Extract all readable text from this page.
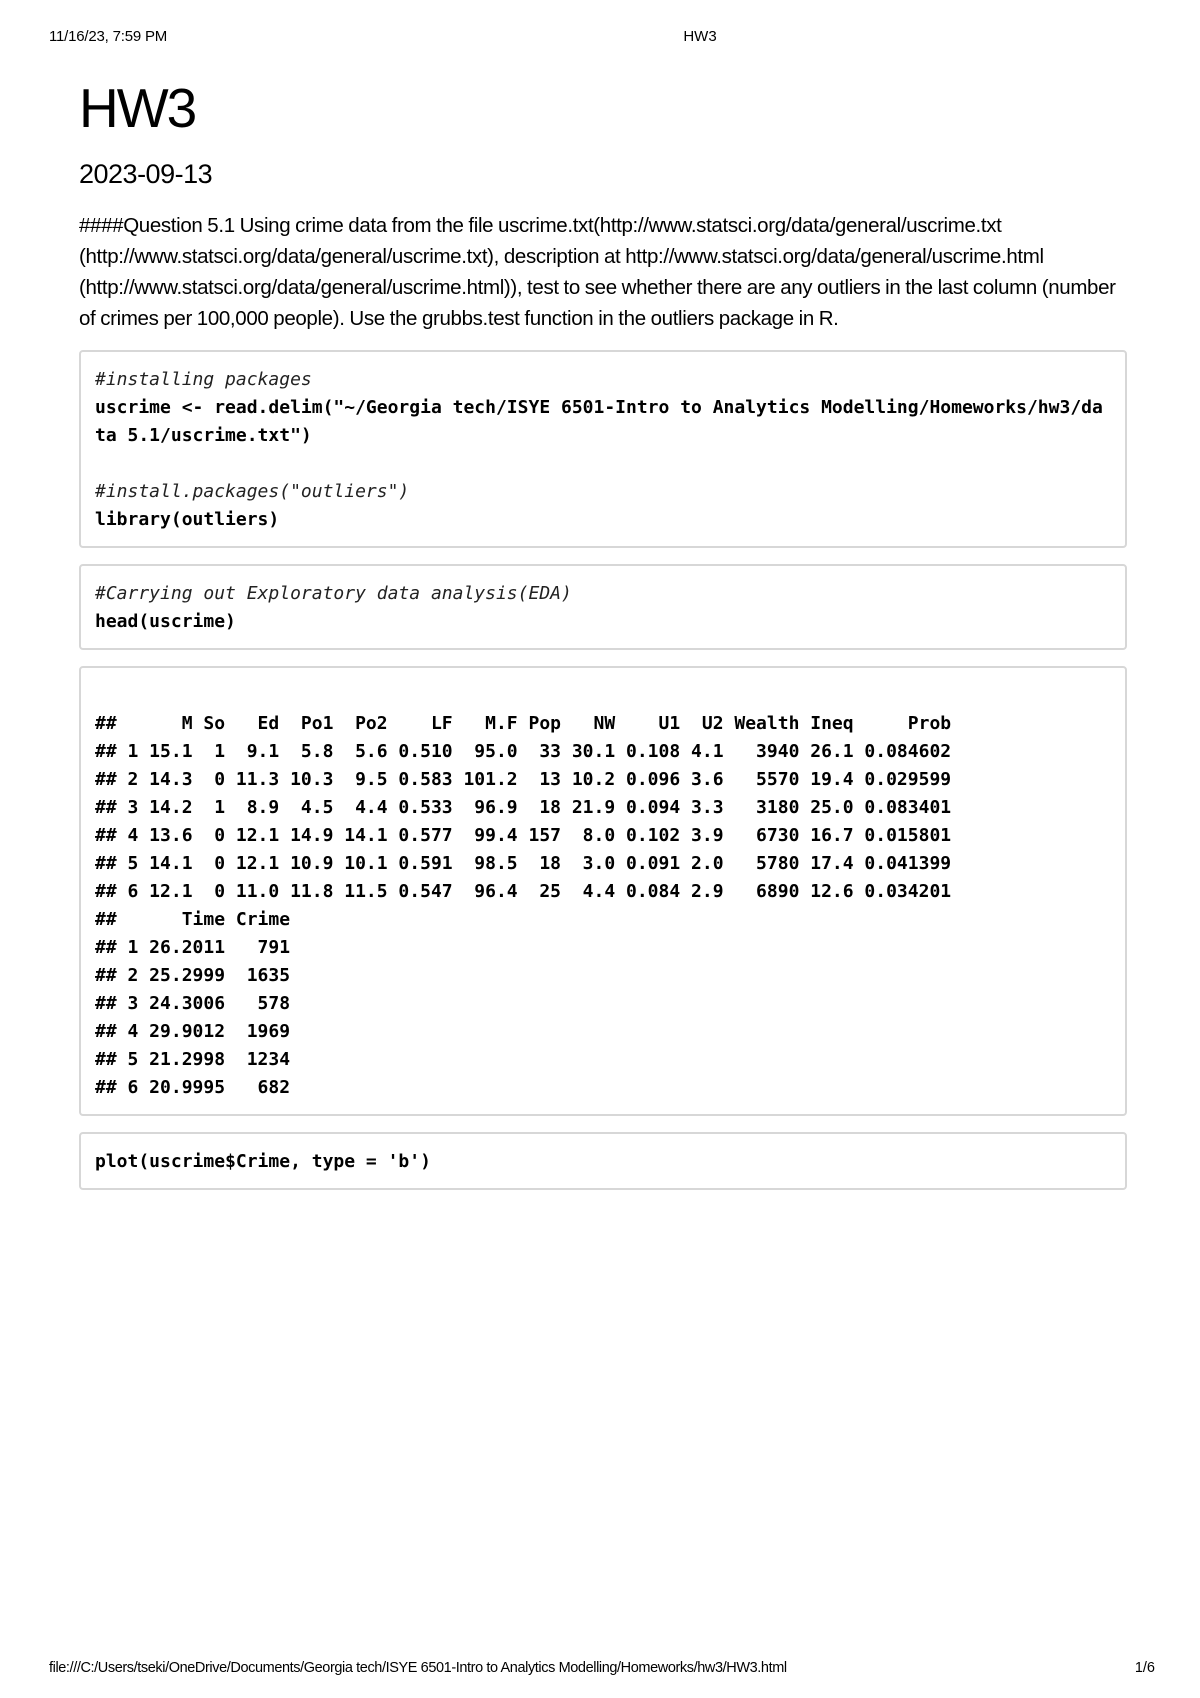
11/16/23, 7:59 PM	HW3
HW3
2023-09-13
####Question 5.1 Using crime data from the file uscrime.txt(http://www.statsci.org/data/general/uscrime.txt (http://www.statsci.org/data/general/uscrime.txt), description at http://www.statsci.org/data/general/uscrime.html (http://www.statsci.org/data/general/uscrime.html)), test to see whether there are any outliers in the last column (number of crimes per 100,000 people). Use the grubbs.test function in the outliers package in R.
#installing packages
uscrime <- read.delim("~/Georgia tech/ISYE 6501-Intro to Analytics Modelling/Homeworks/hw3/da
ta 5.1/uscrime.txt")
#install.packages("outliers")
library(outliers)
#Carrying out Exploratory data analysis(EDA)
head(uscrime)
##      M So   Ed  Po1  Po2    LF   M.F Pop   NW    U1  U2 Wealth Ineq     Prob
## 1 15.1  1  9.1  5.8  5.6 0.510  95.0  33 30.1 0.108 4.1   3940 26.1 0.084602
## 2 14.3  0 11.3 10.3  9.5 0.583 101.2  13 10.2 0.096 3.6   5570 19.4 0.029599
## 3 14.2  1  8.9  4.5  4.4 0.533  96.9  18 21.9 0.094 3.3   3180 25.0 0.083401
## 4 13.6  0 12.1 14.9 14.1 0.577  99.4 157  8.0 0.102 3.9   6730 16.7 0.015801
## 5 14.1  0 12.1 10.9 10.1 0.591  98.5  18  3.0 0.091 2.0   5780 17.4 0.041399
## 6 12.1  0 11.0 11.8 11.5 0.547  96.4  25  4.4 0.084 2.9   6890 12.6 0.034201
##      Time Crime
## 1 26.2011   791
## 2 25.2999  1635
## 3 24.3006   578
## 4 29.9012  1969
## 5 21.2998  1234
## 6 20.9995   682
plot(uscrime$Crime, type = 'b')
file:///C:/Users/tseki/OneDrive/Documents/Georgia tech/ISYE 6501-Intro to Analytics Modelling/Homeworks/hw3/HW3.html	1/6
